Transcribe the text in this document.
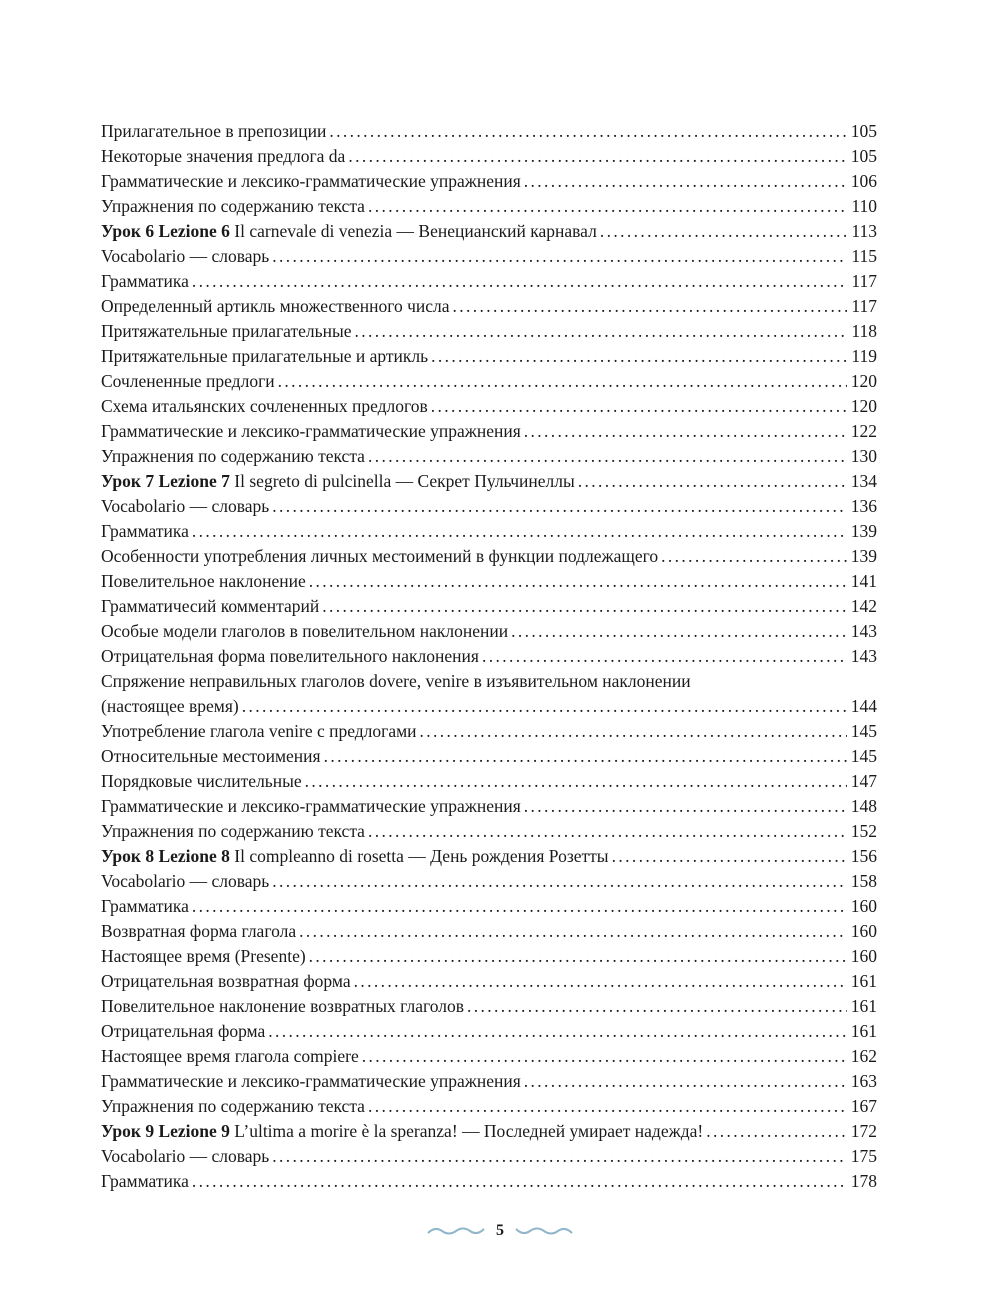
Прилагательное в препозиции . . .	105
Некоторые значения предлога da . . .	105
Грамматические и лексико-грамматические упражнения . . .	106
Упражнения по содержанию текста . . .	110
Урок 6 Lezione 6 Il carnevale di venezia — Венецианский карнавал . . .	113
Vocabolario — словарь . . .	115
Грамматика . . .	117
Определенный артикль множественного числа . . .	117
Притяжательные прилагательные . . .	118
Притяжательные прилагательные и артикль . . .	119
Сочлененные предлоги . . .	120
Схема итальянских сочлененных предлогов . . .	120
Грамматические и лексико-грамматические упражнения . . .	122
Упражнения по содержанию текста . . .	130
Урок 7 Lezione 7 Il segreto di pulcinella — Секрет Пульчинеллы . . .	134
Vocabolario — словарь . . .	136
Грамматика . . .	139
Особенности употребления личных местоимений в функции подлежащего . . .	139
Повелительное наклонение . . .	141
Грамматичесий комментарий . . .	142
Особые модели глаголов в повелительном наклонении . . .	143
Отрицательная форма повелительного наклонения . . .	143
Спряжение неправильных глаголов dovere, venire в изъявительном наклонении
(настоящее время) . . .	144
Употребление глагола venire с предлогами . . .	145
Относительные местоимения . . .	145
Порядковые числительные . . .	147
Грамматические и лексико-грамматические упражнения . . .	148
Упражнения по содержанию текста . . .	152
Урок 8 Lezione 8 Il compleanno di rosetta — День рождения Розетты . . .	156
Vocabolario — словарь . . .	158
Грамматика . . .	160
Возвратная форма глагола . . .	160
Настоящее время (Presente) . . .	160
Отрицательная возвратная форма . . .	161
Повелительное наклонение возвратных глаголов . . .	161
Отрицательная форма . . .	161
Настоящее время глагола compiere . . .	162
Грамматические и лексико-грамматические упражнения . . .	163
Упражнения по содержанию текста . . .	167
Урок 9 Lezione 9 L’ultima a morire è la speranza! — Последней умирает надежда! . . .	172
Vocabolario — словарь . . .	175
Грамматика . . .	178
5
